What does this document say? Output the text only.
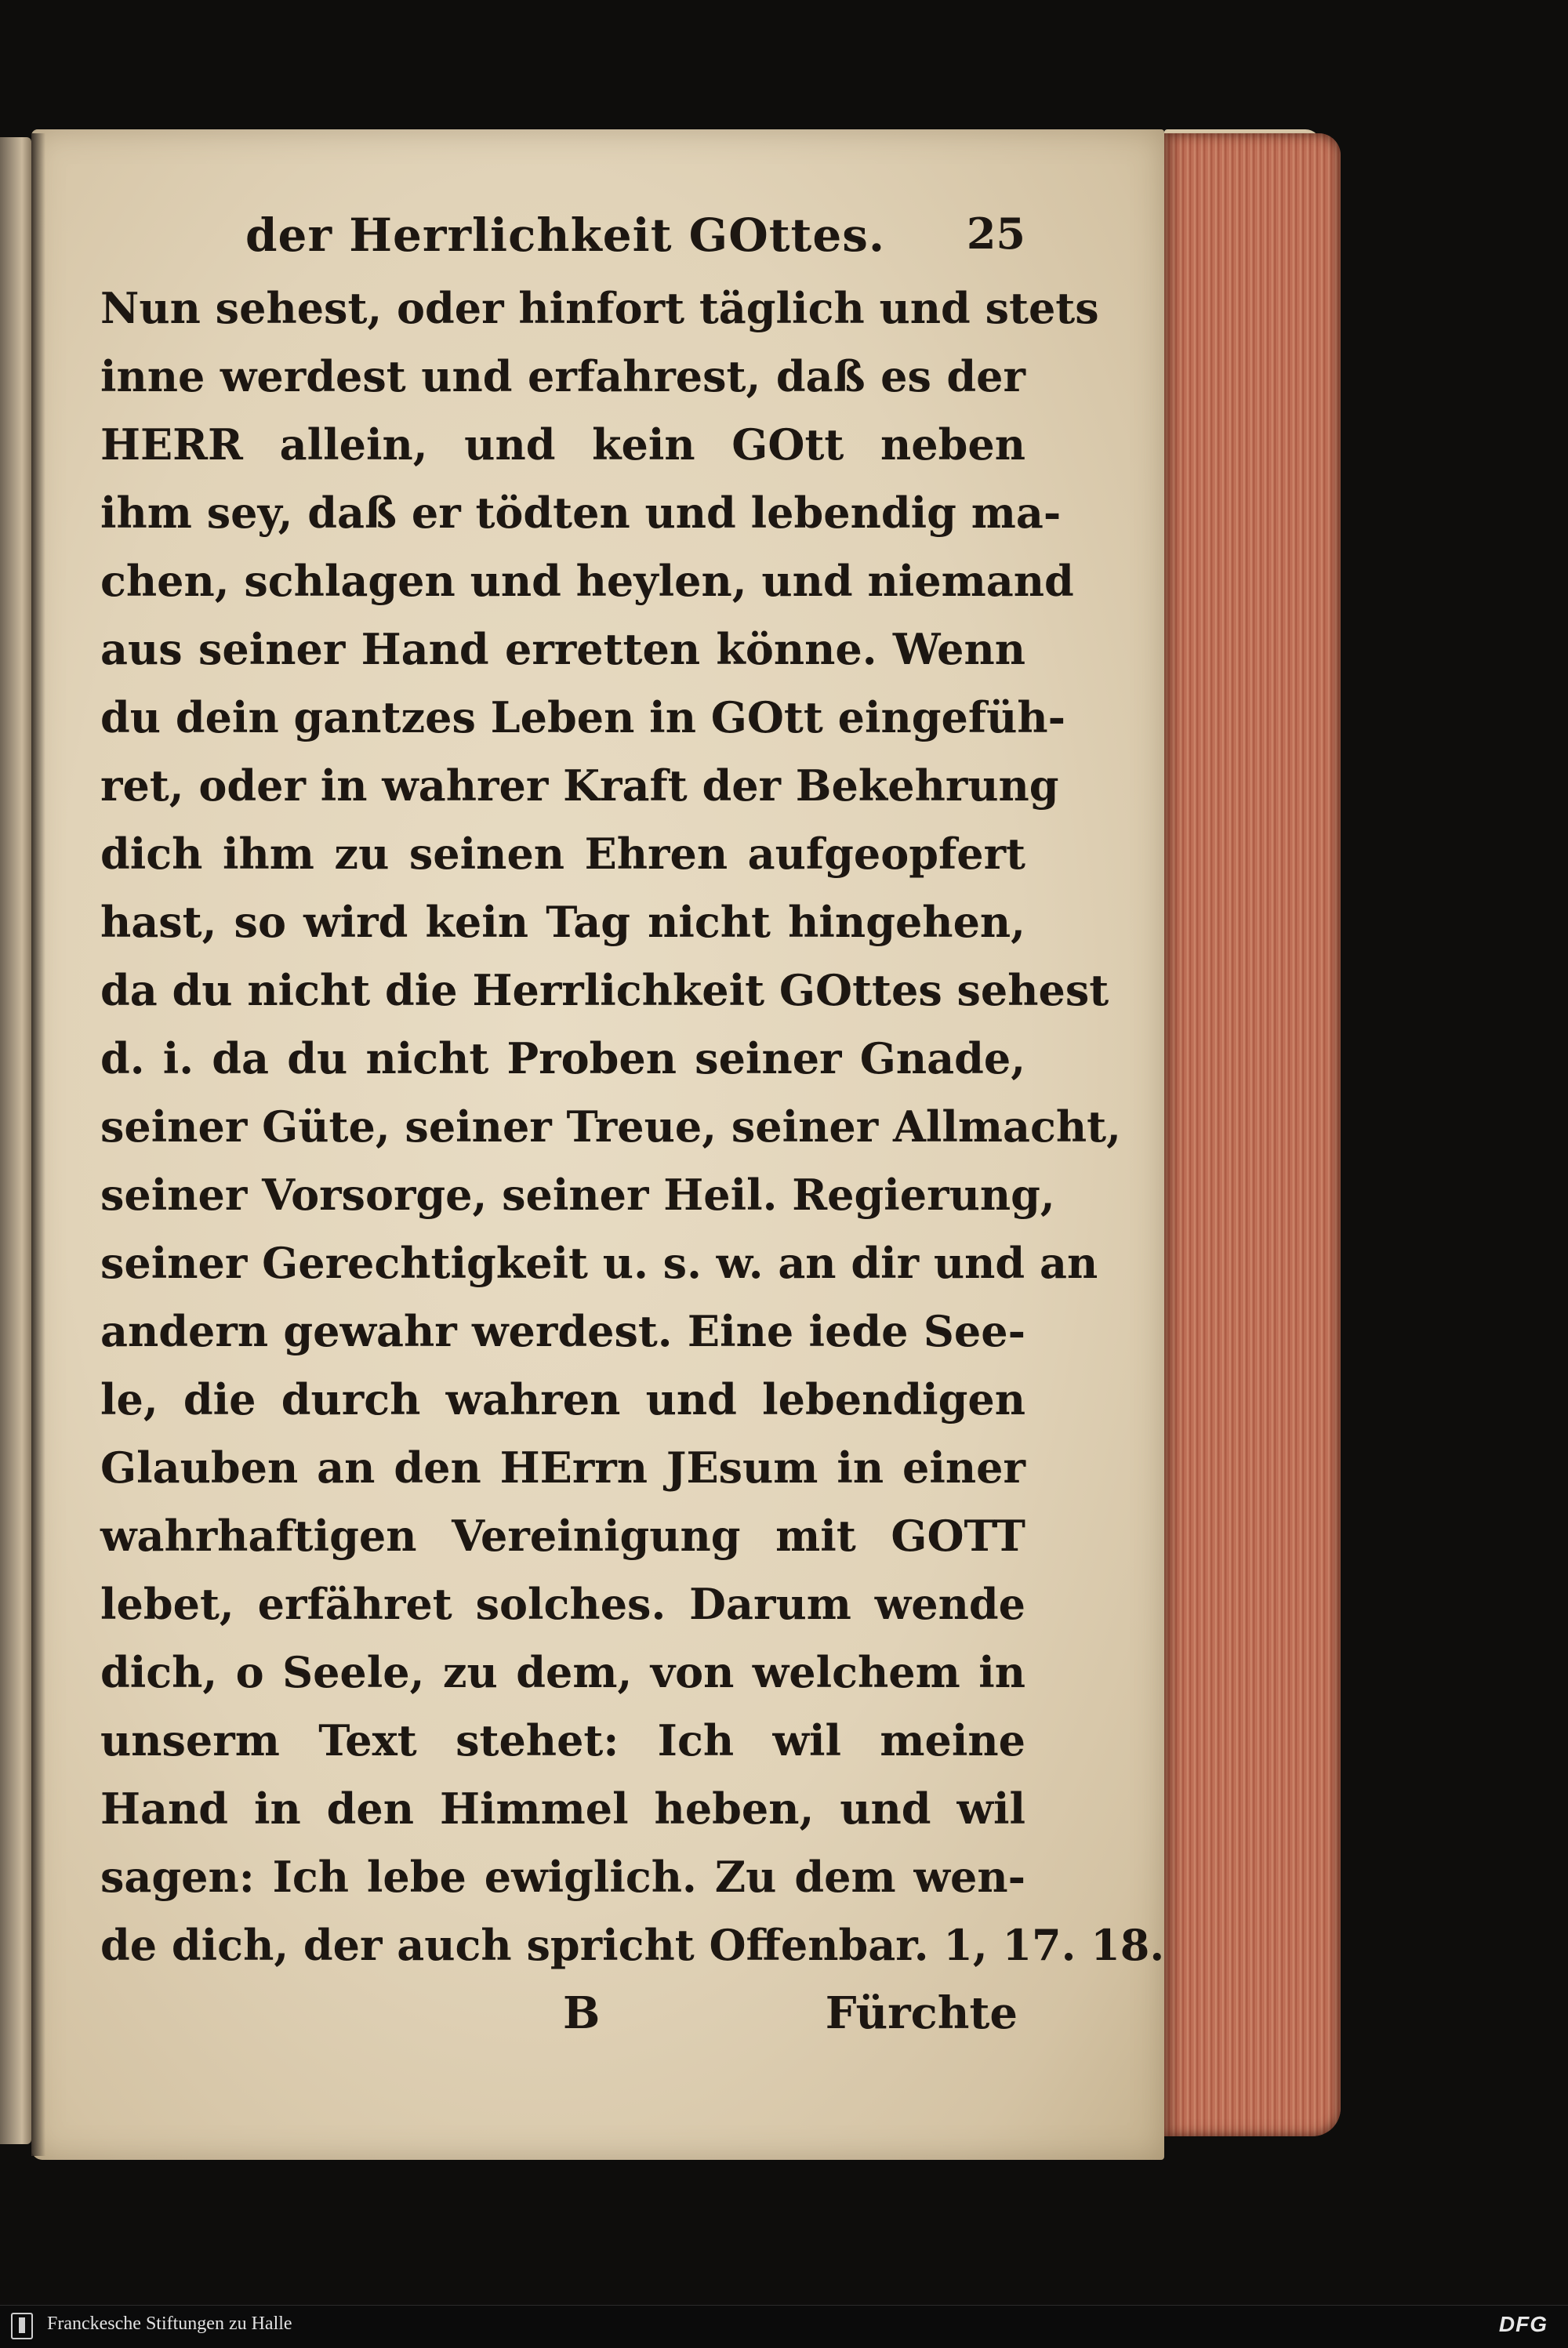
der Herrlichkeit GOttes. 25
Nun sehest, oder hinfort täglich und stets
inne werdest und erfahrest, daß es der
HERR allein, und kein GOtt neben
ihm sey, daß er tödten und lebendig ma-
chen, schlagen und heylen, und niemand
aus seiner Hand erretten könne. Wenn
du dein gantzes Leben in GOtt eingefüh-
ret, oder in wahrer Kraft der Bekehrung
dich ihm zu seinen Ehren aufgeopfert
hast, so wird kein Tag nicht hingehen,
da du nicht die Herrlichkeit GOttes sehest
d. i. da du nicht Proben seiner Gnade,
seiner Güte, seiner Treue, seiner Allmacht,
seiner Vorsorge, seiner Heil. Regierung,
seiner Gerechtigkeit u. s. w. an dir und an
andern gewahr werdest. Eine iede See-
le, die durch wahren und lebendigen
Glauben an den HErrn JEsum in einer
wahrhaftigen Vereinigung mit GOTT
lebet, erfähret solches. Darum wende
dich, o Seele, zu dem, von welchem in
unserm Text stehet: Ich wil meine
Hand in den Himmel heben, und wil
sagen: Ich lebe ewiglich. Zu dem wen-
de dich, der auch spricht Offenbar. 1, 17. 18.
B	Fürchte
Franckesche Stiftungen zu Halle	DFG
